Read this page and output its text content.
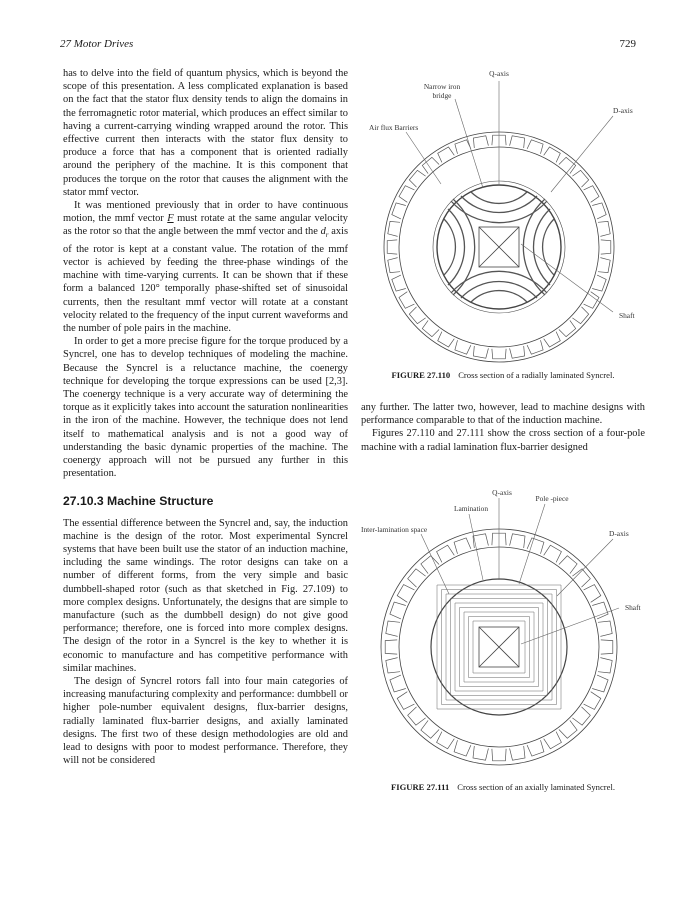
27 Motor Drives	729

has to delve into the field of quantum physics, which is beyond the scope of this presentation. A less complicated explanation is based on the fact that the stator flux density tends to align the domains in the ferromagnetic rotor material, which produces an effect similar to having a current-carrying winding wrapped around the rotor. This effective current then interacts with the stator flux density to produce a force that has a component that is oriented radially around the periphery of the machine. It is this component that produces the torque on the rotor that causes the alignment with the stator mmf vector.

It was mentioned previously that in order to have continuous motion, the mmf vector F must rotate at the same angular velocity as the rotor so that the angle between the mmf vector and the $d_r$ axis of the rotor is kept at a constant value. The rotation of the mmf vector is achieved by feeding the three-phase windings of the machine with time-varying currents. It can be shown that if these form a balanced 120° temporally phase-shifted set of sinusoidal currents, then the resultant mmf vector will rotate at a constant velocity related to the frequency of the input current waveforms and the number of pole pairs in the machine.

In order to get a more precise figure for the torque produced by a Syncrel, one has to develop techniques of modeling the machine. Because the Syncrel is a reluctance machine, the coenergy technique for developing the torque expressions can be used [2,3]. The coenergy technique is a very accurate way of determining the torque as it explicitly takes into account the saturation nonlinearities in the iron of the machine. However, the technique does not lend itself to mathematical analysis and is not a good way of understanding the basic dynamic properties of the machine. The coenergy approach will not be pursued any further in this presentation.

27.10.3 Machine Structure

The essential difference between the Syncrel and, say, the induction machine is the design of the rotor. Most experimental Syncrel systems that have been built use the stator of an induction machine, including the same windings. The rotor designs can take on a number of different forms, from the very simple and basic dumbbell-shaped rotor (such as that sketched in Fig. 27.109) to more complex designs. Unfortunately, the designs that are simple to manufacture (such as the dumbbell design) do not give good performance; therefore, one is forced into more complex designs. The design of the rotor in a Syncrel is the key to whether it is economic to manufacture and has competitive performance with similar machines.

The design of Syncrel rotors fall into four main categories of increasing manufacturing complexity and performance: dumbbell or higher pole-number equivalent designs, flux-barrier designs, radially laminated flux-barrier designs, and axially laminated designs. The first two of these design methodologies are old and lead to designs with poor to modest performance. Therefore, they will not be considered

Q-axis
Narrow iron
bridge
D-axis
Air flux Barriers
Shaft
FIGURE 27.110 Cross section of a radially laminated Syncrel.

any further. The latter two, however, lead to machine designs with performance comparable to that of the induction machine.

Figures 27.110 and 27.111 show the cross section of a four-pole machine with a radial lamination flux-barrier designed

Q-axis
Pole -piece
Lamination
Inter-lamination space	D-axis
Shaft
FIGURE 27.111 Cross section of an axially laminated Syncrel.
